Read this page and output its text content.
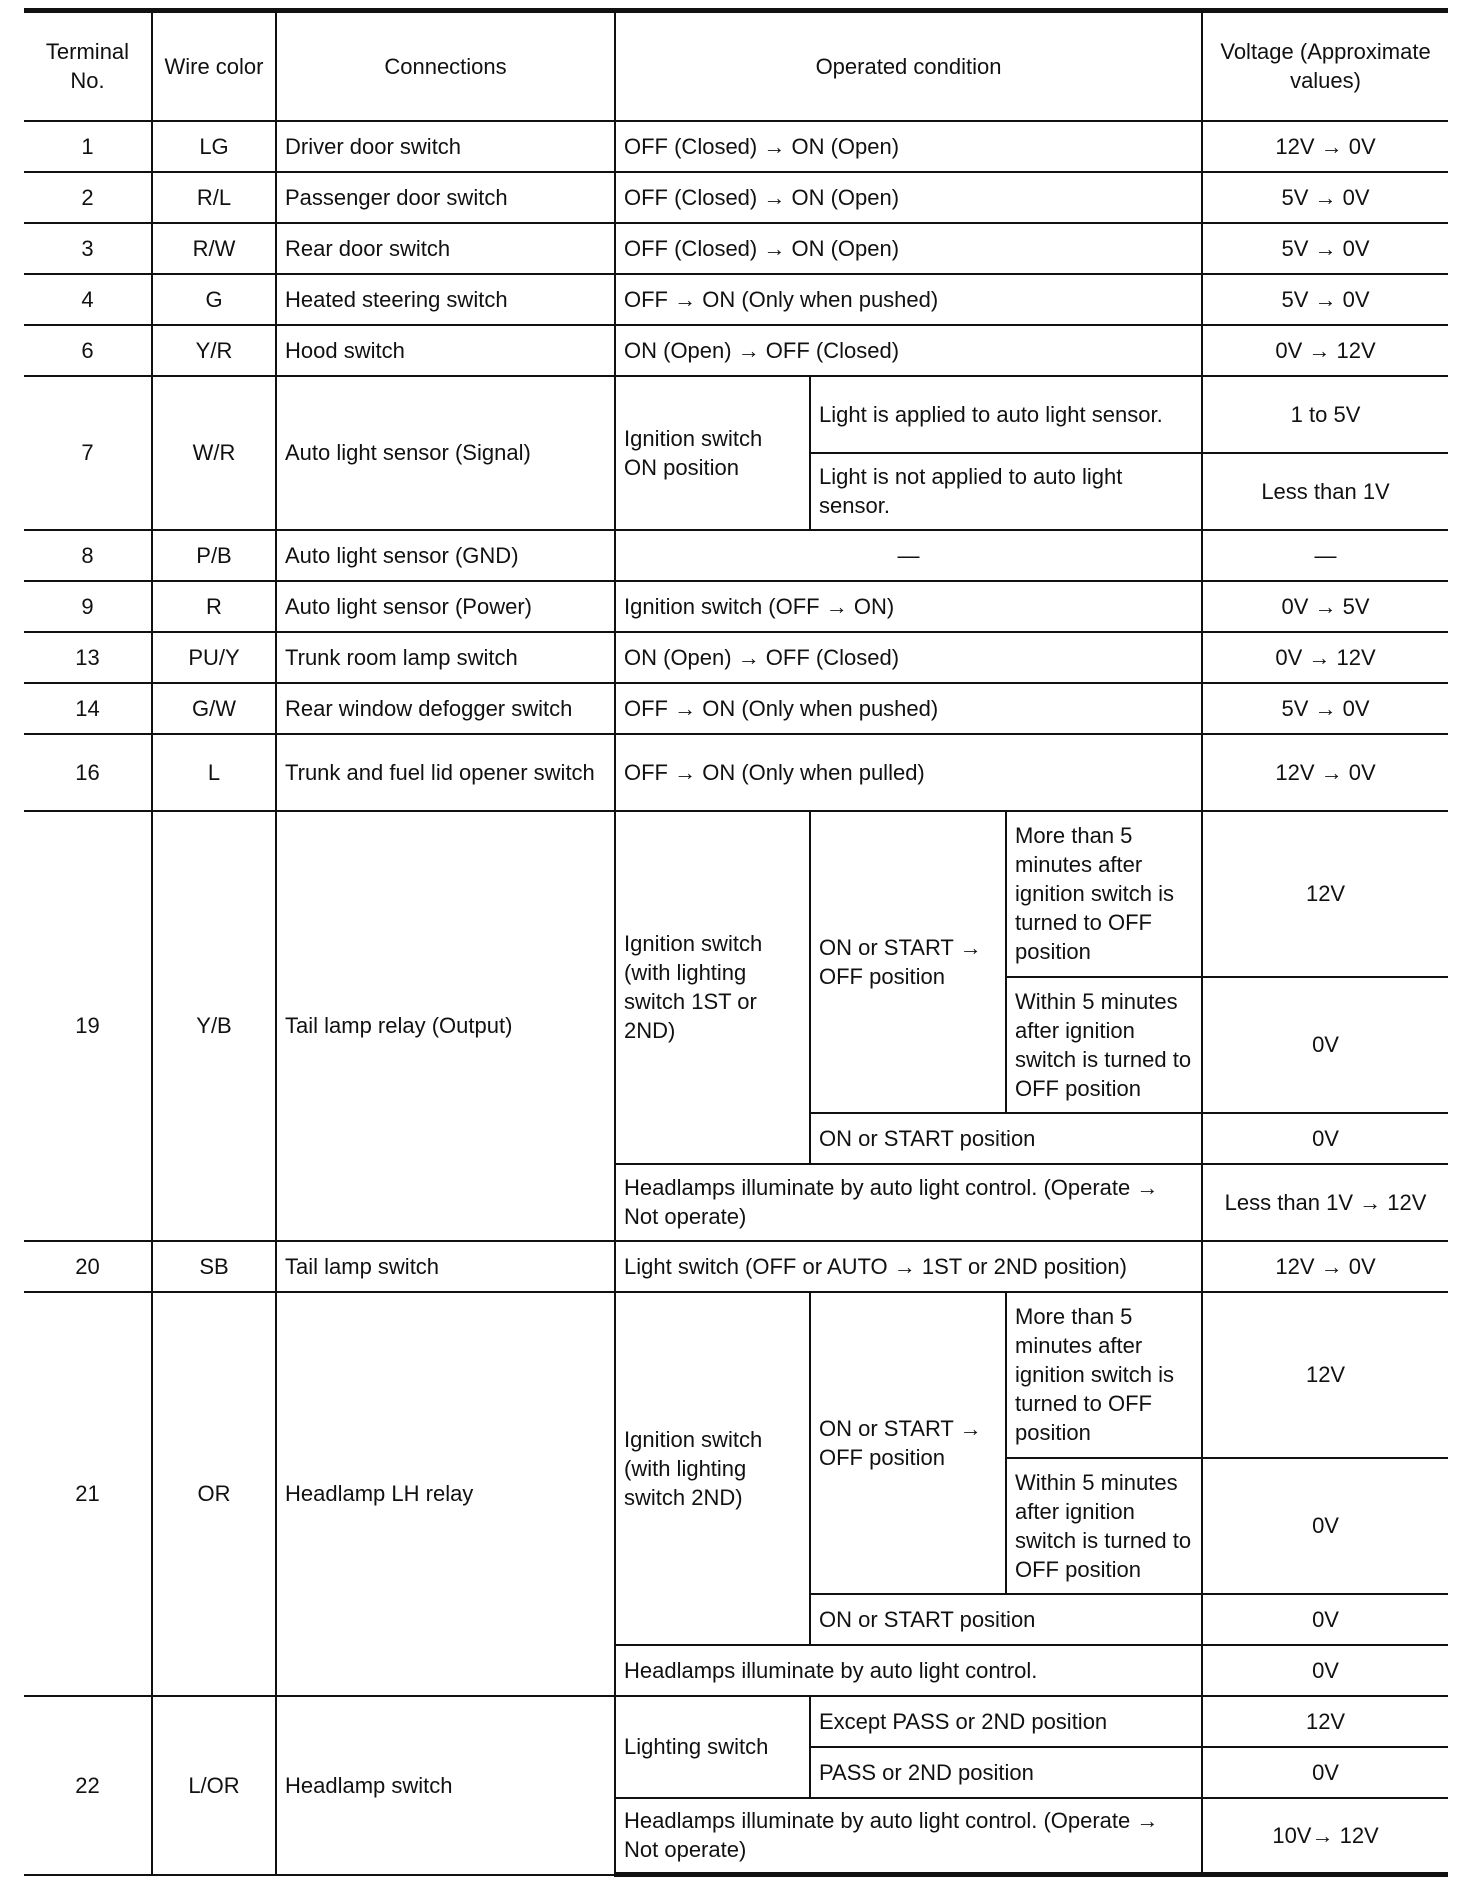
Terminal No.	Wire color	Connections	Operated condition			Voltage (Approximate values)
1	LG	Driver door switch	OFF (Closed) → ON (Open)			12V → 0V
2	R/L	Passenger door switch	OFF (Closed) → ON (Open)			5V → 0V
3	R/W	Rear door switch	OFF (Closed) → ON (Open)			5V → 0V
4	G	Heated steering switch	OFF → ON (Only when pushed)			5V → 0V
6	Y/R	Hood switch	ON (Open) → OFF (Closed)			0V → 12V
7	W/R	Auto light sensor (Signal)	Ignition switch ON position	Light is applied to auto light sensor.		1 to 5V
				Light is not applied to auto light sensor.		Less than 1V
8	P/B	Auto light sensor (GND)	—			—
9	R	Auto light sensor (Power)	Ignition switch (OFF → ON)			0V → 5V
13	PU/Y	Trunk room lamp switch	ON (Open) → OFF (Closed)			0V → 12V
14	G/W	Rear window defogger switch	OFF → ON (Only when pushed)			5V → 0V
16	L	Trunk and fuel lid opener switch	OFF → ON (Only when pulled)			12V → 0V
19	Y/B	Tail lamp relay (Output)	Ignition switch (with lighting switch 1ST or 2ND)	ON or START → OFF position	More than 5 minutes after ignition switch is turned to OFF position	12V
					Within 5 minutes after ignition switch is turned to OFF position	0V
				ON or START position		0V
			Headlamps illuminate by auto light control. (Operate → Not operate)			Less than 1V → 12V
20	SB	Tail lamp switch	Light switch (OFF or AUTO → 1ST or 2ND position)			12V → 0V
21	OR	Headlamp LH relay	Ignition switch (with lighting switch 2ND)	ON or START → OFF position	More than 5 minutes after ignition switch is turned to OFF position	12V
					Within 5 minutes after ignition switch is turned to OFF position	0V
				ON or START position		0V
			Headlamps illuminate by auto light control.			0V
22	L/OR	Headlamp switch	Lighting switch	Except PASS or 2ND position		12V
				PASS or 2ND position		0V
			Headlamps illuminate by auto light control. (Operate → Not operate)			10V→ 12V
